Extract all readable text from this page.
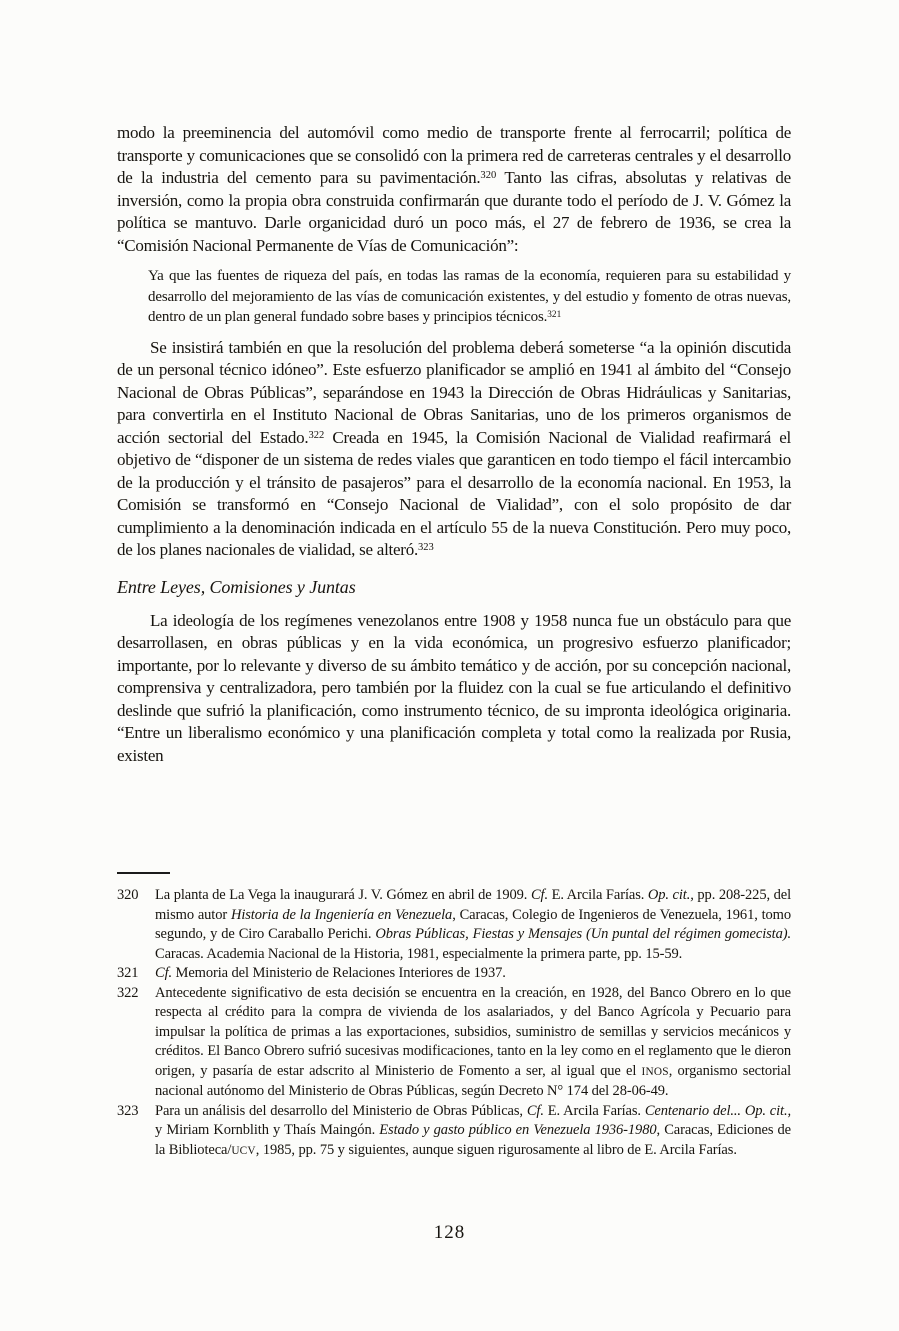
modo la preeminencia del automóvil como medio de transporte frente al ferrocarril; política de transporte y comunicaciones que se consolidó con la primera red de carreteras centrales y el desarrollo de la industria del cemento para su pavimentación.$^{320}$ Tanto las cifras, absolutas y relativas de inversión, como la propia obra construida confirmarán que durante todo el período de J. V. Gómez la política se mantuvo. Darle organicidad duró un poco más, el 27 de febrero de 1936, se crea la “Comisión Nacional Permanente de Vías de Comunicación”:

Ya que las fuentes de riqueza del país, en todas las ramas de la economía, requieren para su estabilidad y desarrollo del mejoramiento de las vías de comunicación existentes, y del estudio y fomento de otras nuevas, dentro de un plan general fundado sobre bases y principios técnicos.$^{321}$

Se insistirá también en que la resolución del problema deberá someterse “a la opinión discutida de un personal técnico idóneo”. Este esfuerzo planificador se amplió en 1941 al ámbito del “Consejo Nacional de Obras Públicas”, separándose en 1943 la Dirección de Obras Hidráulicas y Sanitarias, para convertirla en el Instituto Nacional de Obras Sanitarias, uno de los primeros organismos de acción sectorial del Estado.$^{322}$ Creada en 1945, la Comisión Nacional de Vialidad reafirmará el objetivo de “disponer de un sistema de redes viales que garanticen en todo tiempo el fácil intercambio de la producción y el tránsito de pasajeros” para el desarrollo de la economía nacional. En 1953, la Comisión se transformó en “Consejo Nacional de Vialidad”, con el solo propósito de dar cumplimiento a la denominación indicada en el artículo 55 de la nueva Constitución. Pero muy poco, de los planes nacionales de vialidad, se alteró.$^{323}$

Entre Leyes, Comisiones y Juntas

La ideología de los regímenes venezolanos entre 1908 y 1958 nunca fue un obstáculo para que desarrollasen, en obras públicas y en la vida económica, un progresivo esfuerzo planificador; importante, por lo relevante y diverso de su ámbito temático y de acción, por su concepción nacional, comprensiva y centralizadora, pero también por la fluidez con la cual se fue articulando el definitivo deslinde que sufrió la planificación, como instrumento técnico, de su impronta ideológica originaria. “Entre un liberalismo económico y una planificación completa y total como la realizada por Rusia, existen

320	La planta de La Vega la inaugurará J. V. Gómez en abril de 1909. Cf. E. Arcila Farías. Op. cit., pp. 208-225, del mismo autor Historia de la Ingeniería en Venezuela, Caracas, Colegio de Ingenieros de Venezuela, 1961, tomo segundo, y de Ciro Caraballo Perichi. Obras Públicas, Fiestas y Mensajes (Un puntal del régimen gomecista). Caracas. Academia Nacional de la Historia, 1981, especialmente la primera parte, pp. 15-59.
321	Cf. Memoria del Ministerio de Relaciones Interiores de 1937.
322	Antecedente significativo de esta decisión se encuentra en la creación, en 1928, del Banco Obrero en lo que respecta al crédito para la compra de vivienda de los asalariados, y del Banco Agrícola y Pecuario para impulsar la política de primas a las exportaciones, subsidios, suministro de semillas y servicios mecánicos y créditos. El Banco Obrero sufrió sucesivas modificaciones, tanto en la ley como en el reglamento que le dieron origen, y pasaría de estar adscrito al Ministerio de Fomento a ser, al igual que el INOS, organismo sectorial nacional autónomo del Ministerio de Obras Públicas, según Decreto N° 174 del 28-06-49.
323	Para un análisis del desarrollo del Ministerio de Obras Públicas, Cf. E. Arcila Farías. Centenario del... Op. cit., y Miriam Kornblith y Thaís Maingón. Estado y gasto público en Venezuela 1936-1980, Caracas, Ediciones de la Biblioteca/UCV, 1985, pp. 75 y siguientes, aunque siguen rigurosamente al libro de E. Arcila Farías.
128
